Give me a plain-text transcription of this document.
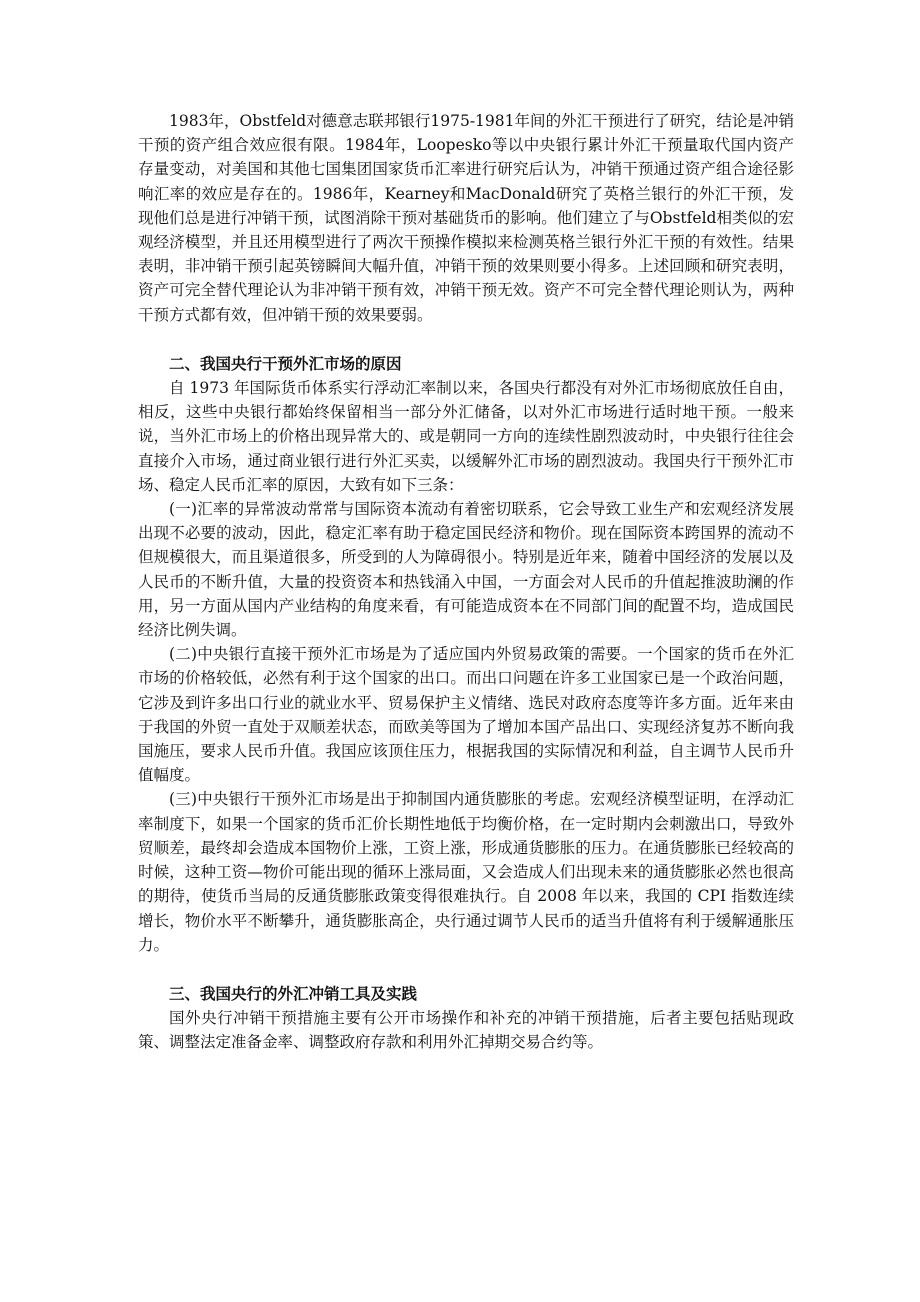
1983年，Obstfeld对德意志联邦银行1975-1981年间的外汇干预进行了研究，结论是冲销干预的资产组合效应很有限。1984年，Loopesko等以中央银行累计外汇干预量取代国内资产存量变动，对美国和其他七国集团国家货币汇率进行研究后认为，冲销干预通过资产组合途径影响汇率的效应是存在的。1986年，Kearney和MacDonald研究了英格兰银行的外汇干预，发现他们总是进行冲销干预，试图消除干预对基础货币的影响。他们建立了与Obstfeld相类似的宏观经济模型，并且还用模型进行了两次干预操作模拟来检测英格兰银行外汇干预的有效性。结果表明，非冲销干预引起英镑瞬间大幅升值，冲销干预的效果则要小得多。上述回顾和研究表明，资产可完全替代理论认为非冲销干预有效，冲销干预无效。资产不可完全替代理论则认为，两种干预方式都有效，但冲销干预的效果要弱。

二、我国央行干预外汇市场的原因

自 1973 年国际货币体系实行浮动汇率制以来，各国央行都没有对外汇市场彻底放任自由，相反，这些中央银行都始终保留相当一部分外汇储备，以对外汇市场进行适时地干预。一般来说，当外汇市场上的价格出现异常大的、或是朝同一方向的连续性剧烈波动时，中央银行往往会直接介入市场，通过商业银行进行外汇买卖，以缓解外汇市场的剧烈波动。我国央行干预外汇市场、稳定人民币汇率的原因，大致有如下三条：

(一)汇率的异常波动常常与国际资本流动有着密切联系，它会导致工业生产和宏观经济发展出现不必要的波动，因此，稳定汇率有助于稳定国民经济和物价。现在国际资本跨国界的流动不但规模很大，而且渠道很多，所受到的人为障碍很小。特别是近年来，随着中国经济的发展以及人民币的不断升值，大量的投资资本和热钱涌入中国，一方面会对人民币的升值起推波助澜的作用，另一方面从国内产业结构的角度来看，有可能造成资本在不同部门间的配置不均，造成国民经济比例失调。

(二)中央银行直接干预外汇市场是为了适应国内外贸易政策的需要。一个国家的货币在外汇市场的价格较低，必然有利于这个国家的出口。而出口问题在许多工业国家已是一个政治问题，它涉及到许多出口行业的就业水平、贸易保护主义情绪、选民对政府态度等许多方面。近年来由于我国的外贸一直处于双顺差状态，而欧美等国为了增加本国产品出口、实现经济复苏不断向我国施压，要求人民币升值。我国应该顶住压力，根据我国的实际情况和利益，自主调节人民币升值幅度。

(三)中央银行干预外汇市场是出于抑制国内通货膨胀的考虑。宏观经济模型证明，在浮动汇率制度下，如果一个国家的货币汇价长期性地低于均衡价格，在一定时期内会刺激出口，导致外贸顺差，最终却会造成本国物价上涨，工资上涨，形成通货膨胀的压力。在通货膨胀已经较高的时候，这种工资—物价可能出现的循环上涨局面，又会造成人们出现未来的通货膨胀必然也很高的期待，使货币当局的反通货膨胀政策变得很难执行。自 2008 年以来，我国的 CPI 指数连续增长，物价水平不断攀升，通货膨胀高企，央行通过调节人民币的适当升值将有利于缓解通胀压力。

三、我国央行的外汇冲销工具及实践

国外央行冲销干预措施主要有公开市场操作和补充的冲销干预措施，后者主要包括贴现政策、调整法定准备金率、调整政府存款和利用外汇掉期交易合约等。
